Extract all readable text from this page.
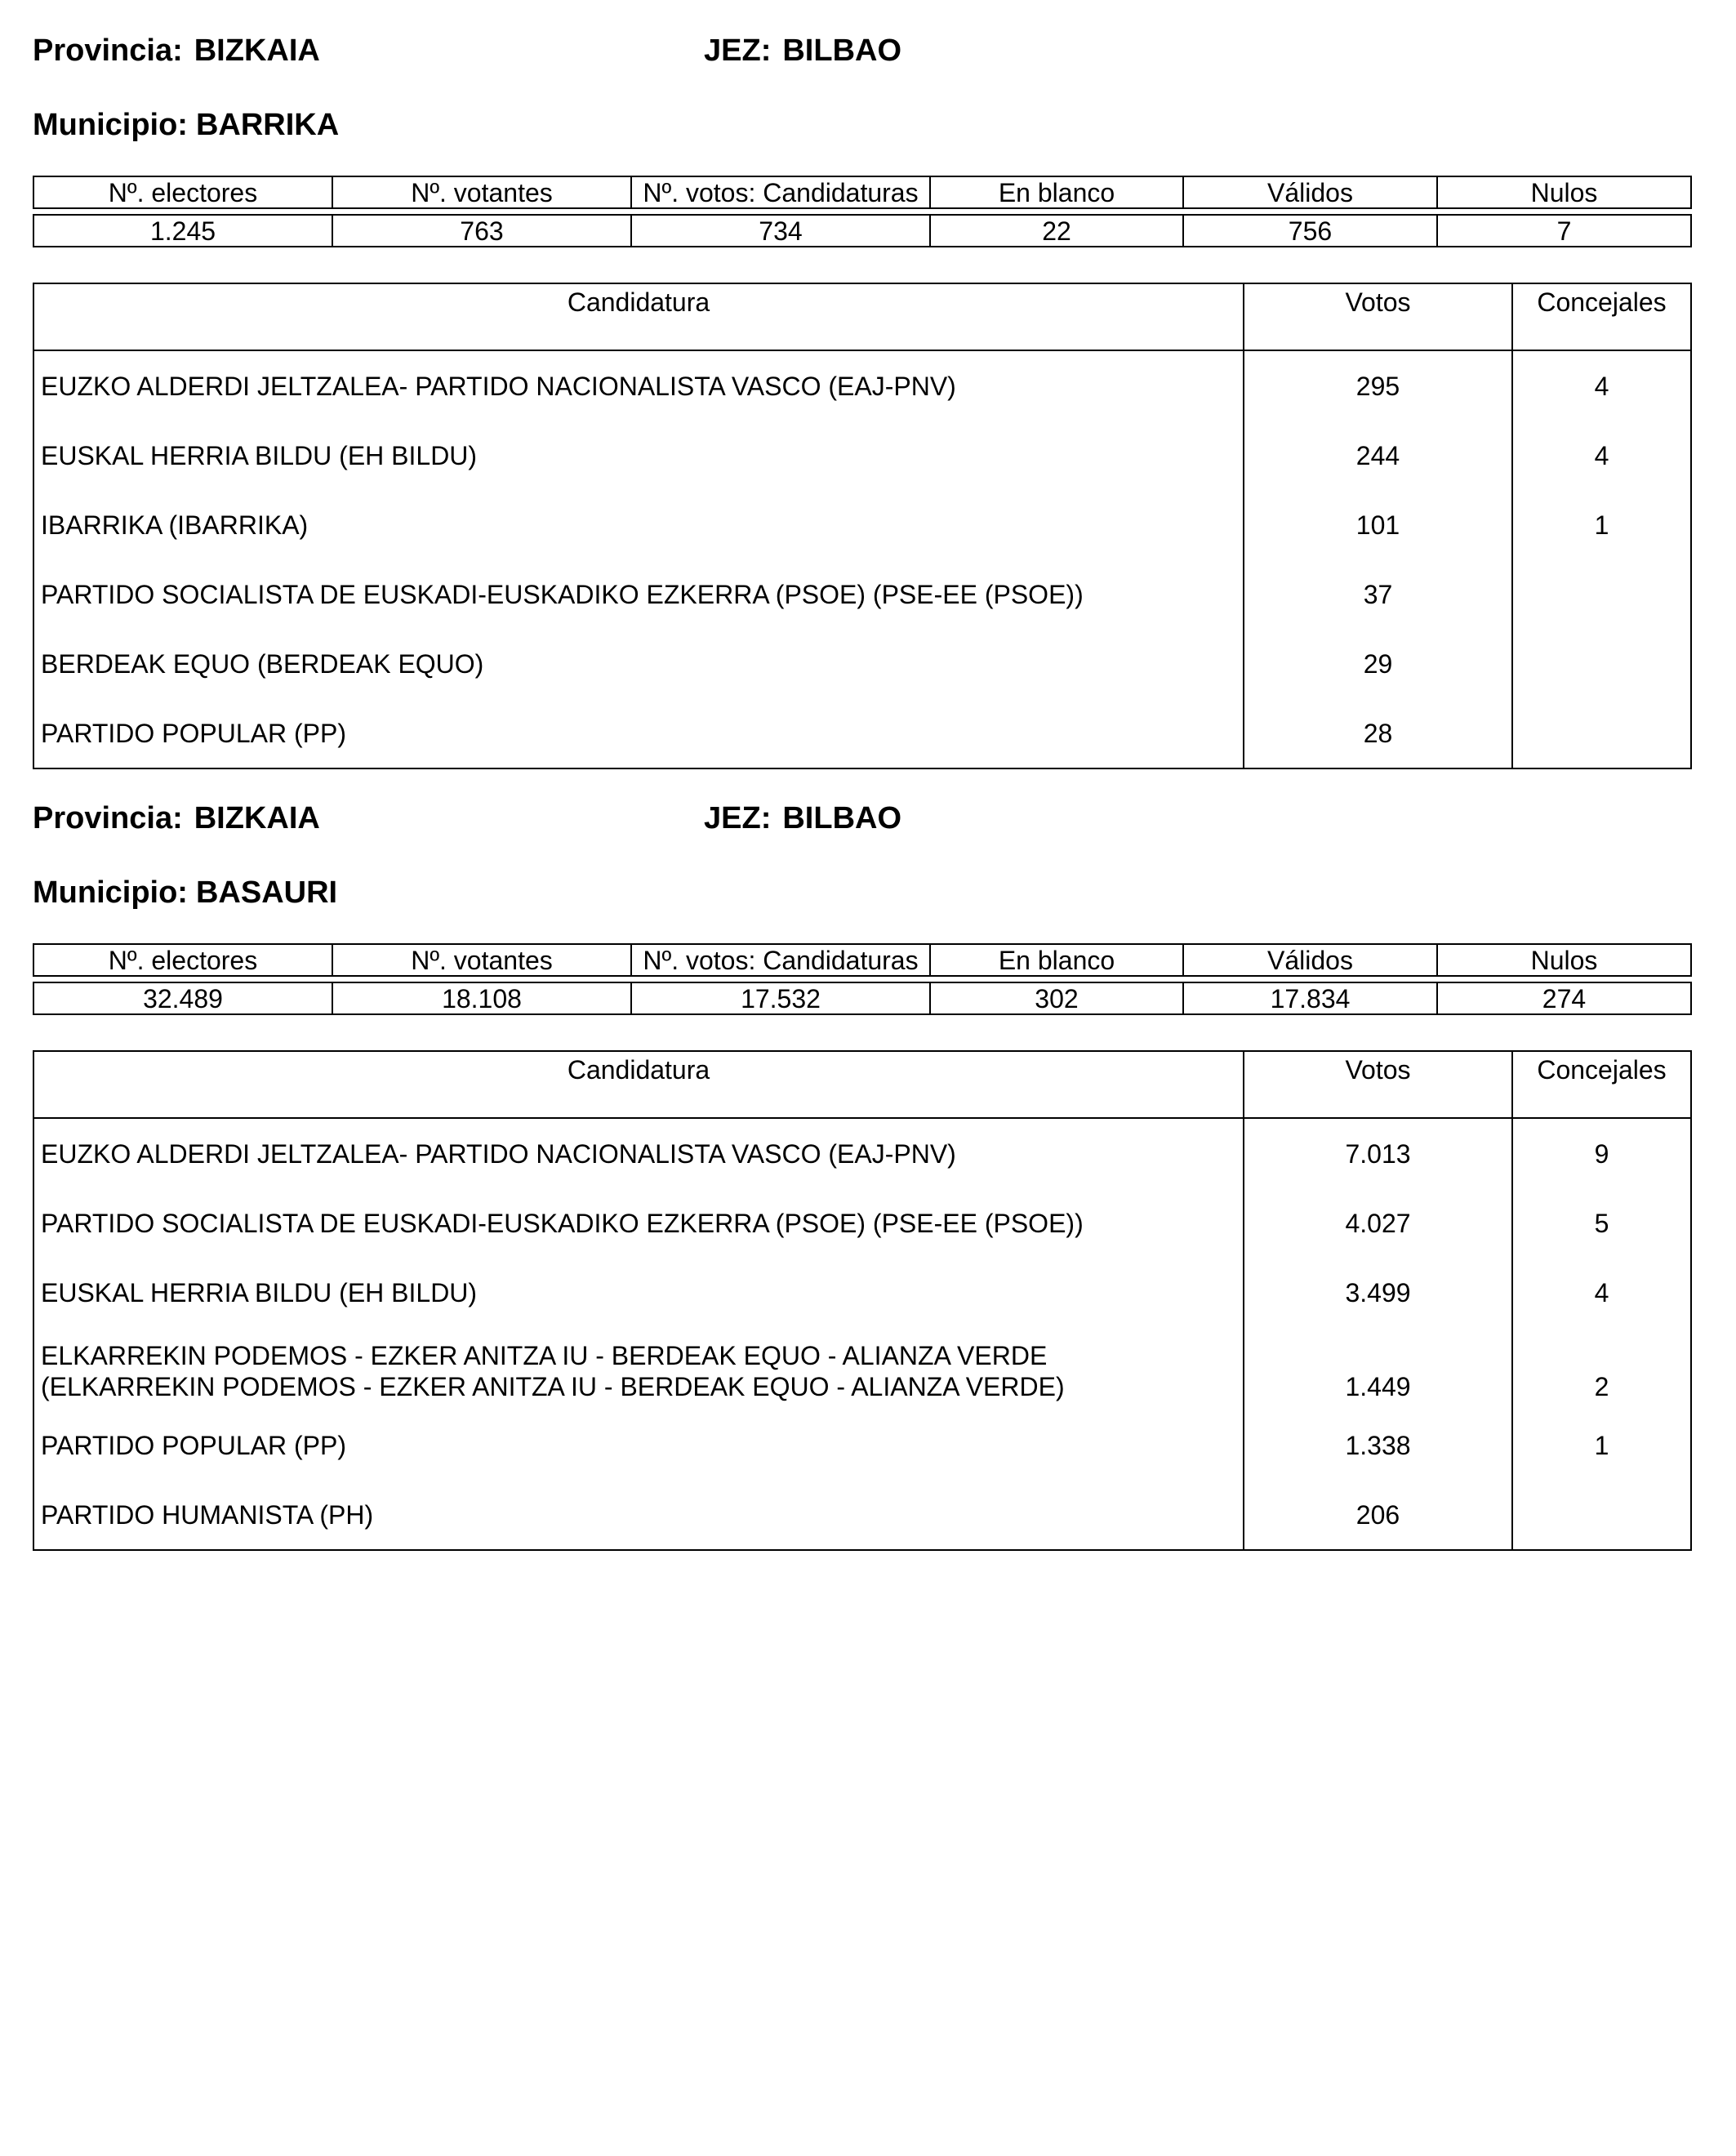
Provincia: BIZKAIA	JEZ: BILBAO
Municipio: BARRIKA
Nº. electores	Nº. votantes	Nº. votos: Candidaturas	En blanco	Válidos	Nulos

1.245	763	734	22	756	7
Candidatura	Votos	Concejales
EUZKO ALDERDI JELTZALEA- PARTIDO NACIONALISTA VASCO (EAJ-PNV)	295	4
EUSKAL HERRIA BILDU (EH BILDU)	244	4
IBARRIKA (IBARRIKA)	101	1
PARTIDO SOCIALISTA DE EUSKADI-EUSKADIKO EZKERRA (PSOE) (PSE-EE (PSOE))	37	
BERDEAK EQUO (BERDEAK EQUO)	29	
PARTIDO POPULAR (PP)	28	
Provincia: BIZKAIA	JEZ: BILBAO
Municipio: BASAURI
Nº. electores	Nº. votantes	Nº. votos: Candidaturas	En blanco	Válidos	Nulos

32.489	18.108	17.532	302	17.834	274
Candidatura	Votos	Concejales
EUZKO ALDERDI JELTZALEA- PARTIDO NACIONALISTA VASCO (EAJ-PNV)	7.013	9
PARTIDO SOCIALISTA DE EUSKADI-EUSKADIKO EZKERRA (PSOE) (PSE-EE (PSOE))	4.027	5
EUSKAL HERRIA BILDU (EH BILDU)	3.499	4
ELKARREKIN PODEMOS - EZKER ANITZA IU - BERDEAK EQUO - ALIANZA VERDE
(ELKARREKIN PODEMOS - EZKER ANITZA IU - BERDEAK EQUO - ALIANZA VERDE)	1.449	2
PARTIDO POPULAR (PP)	1.338	1
PARTIDO HUMANISTA (PH)	206	
